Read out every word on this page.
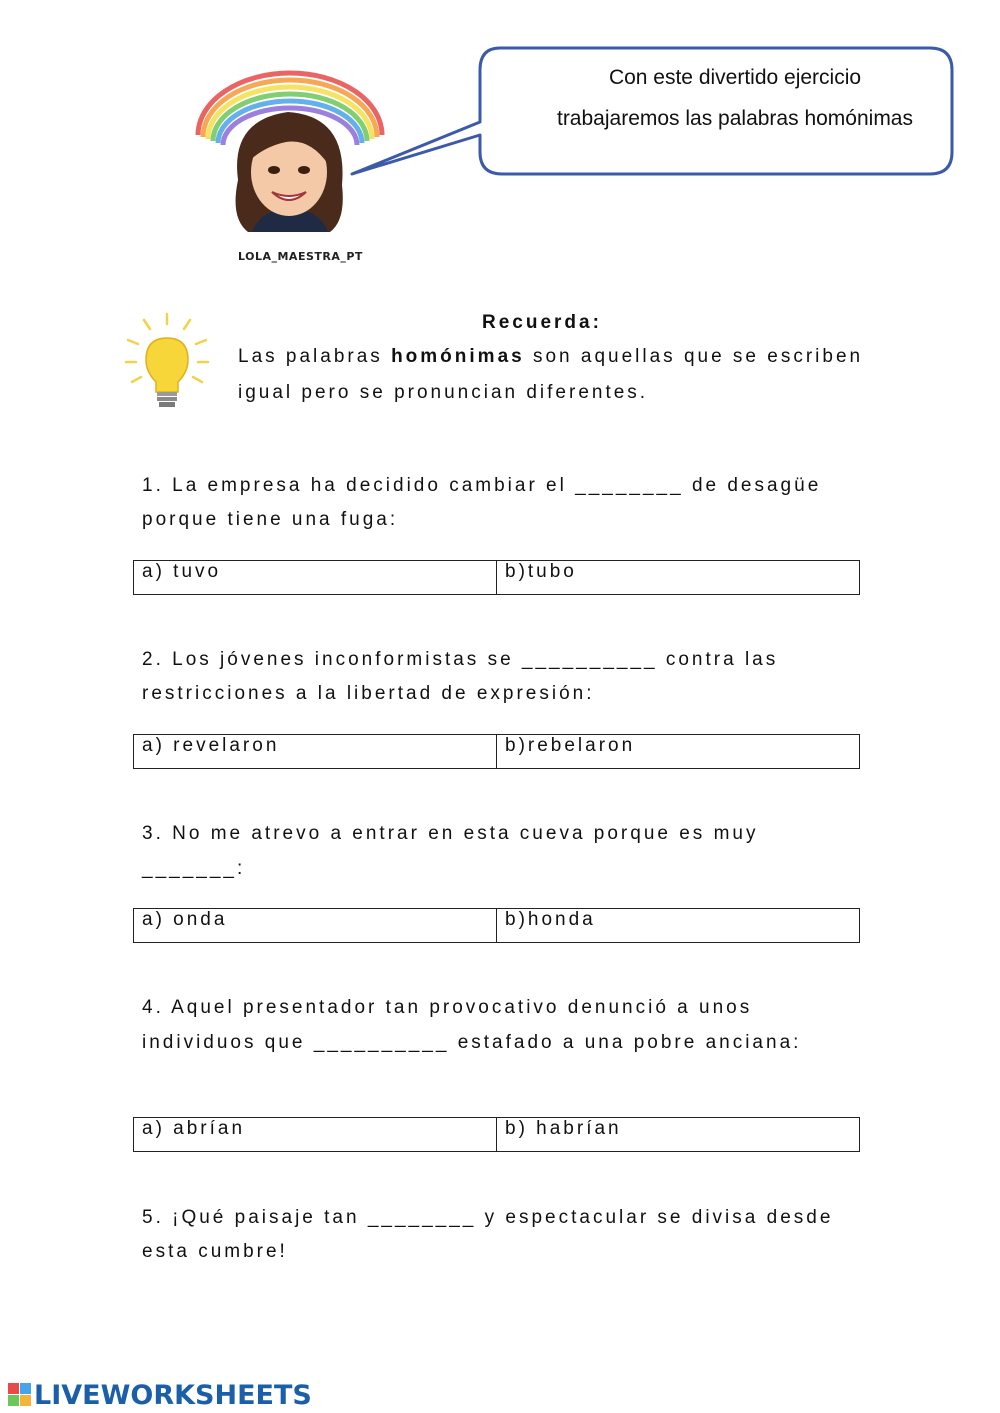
Con este divertido ejercicio
trabajaremos las palabras homónimas
LOLA_MAESTRA_PT
Recuerda:
Las palabras homónimas son aquellas que se escriben
igual pero se pronuncian diferentes.
1. La empresa ha decidido cambiar el ________ de desagüe
porque tiene una fuga:
a) tuvo	b)tubo
2. Los jóvenes inconformistas se __________ contra las
restricciones a la libertad de expresión:
a) revelaron	b)rebelaron
3. No me atrevo a entrar en esta cueva porque es muy
_______:
a) onda	b)honda
4. Aquel presentador tan provocativo denunció a unos
individuos que __________ estafado a una pobre anciana:
a) abrían	b) habrían
5. ¡Qué paisaje tan ________ y espectacular se divisa desde
esta cumbre!
LIVEWORKSHEETS
